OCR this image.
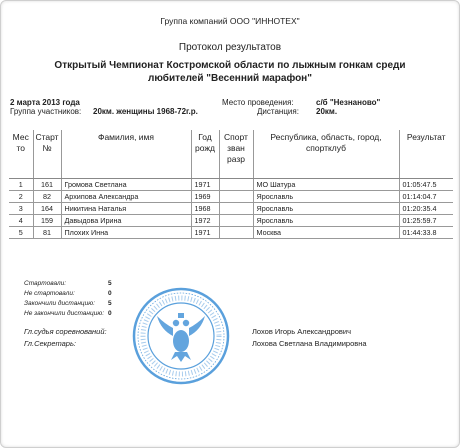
Группа компаний ООО "ИННОТЕХ"
Протокол результатов
Открытый Чемпионат Костромской области по лыжным гонкам среди любителей "Весенний марафон"
2 марта 2013 года
Группа участников: 20км. женщины 1968-72г.р.
Место проведения:	с/б "Незнаново"
Дистанция: 20км.
Мес то	Старт №	Фамилия, имя	Год рожд	Спорт зван разр	Республика, область, город, спортклуб	Результат
1	161	Громова Светлана	1971		МО Шатура	01:05:47.5
2	82	Архипова Александра	1969		Ярославль	01:14:04.7
3	164	Никитина Наталья	1968		Ярославль	01:20:35.4
4	159	Давыдова Ирина	1972		Ярославль	01:25:59.7
5	81	Плохих Инна	1971		Москва	01:44:33.8
Стартовали:	5
Не стартовали:	0
Закончили дистанцию: 5
Не закончили дистанцию: 0
Гл.судья соревнований:	Лохов Игорь Александрович
Гл.Секретарь:	Лохова Светлана Владимировна
